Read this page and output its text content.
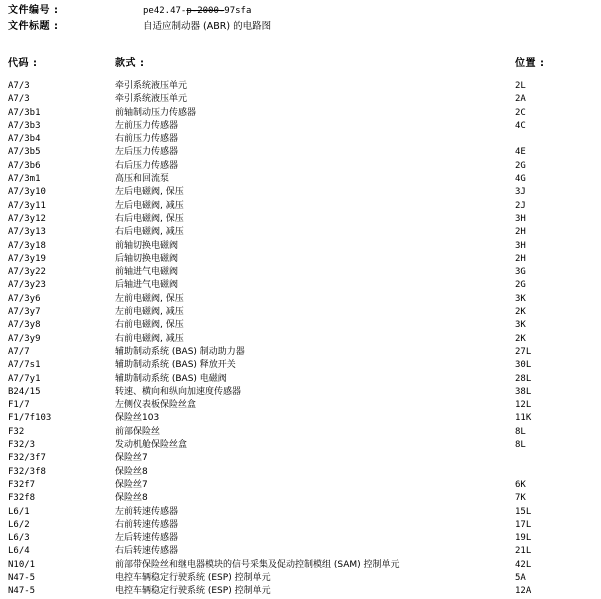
文件编号 :	pe42.47-p-2000-97sfa
文件标题 :	自适应制动器 (ABR) 的电路图
代码 :	款式 :	位置 :
A7/3	牵引系统液压单元	2L
A7/3	牵引系统液压单元	2A
A7/3b1	前轴制动压力传感器	2C
A7/3b3	左前压力传感器	4C
A7/3b4	右前压力传感器
A7/3b5	左后压力传感器	4E
A7/3b6	右后压力传感器	2G
A7/3m1	高压和回流泵	4G
A7/3y10	左后电磁阀, 保压	3J
A7/3y11	左后电磁阀, 减压	2J
A7/3y12	右后电磁阀, 保压	3H
A7/3y13	右后电磁阀, 减压	2H
A7/3y18	前轴切换电磁阀	3H
A7/3y19	后轴切换电磁阀	2H
A7/3y22	前轴进气电磁阀	3G
A7/3y23	后轴进气电磁阀	2G
A7/3y6	左前电磁阀, 保压	3K
A7/3y7	左前电磁阀, 减压	2K
A7/3y8	右前电磁阀, 保压	3K
A7/3y9	右前电磁阀, 减压	2K
A7/7	辅助制动系统 (BAS) 制动助力器	27L
A7/7s1	辅助制动系统 (BAS) 释放开关	30L
A7/7y1	辅助制动系统 (BAS) 电磁阀	28L
B24/15	转速、横向和纵向加速度传感器	38L
F1/7	左侧仪表板保险丝盒	12L
F1/7f103	保险丝103	11K
F32	前部保险丝	8L
F32/3	发动机舱保险丝盒	8L
F32/3f7	保险丝7
F32/3f8	保险丝8
F32f7	保险丝7	6K
F32f8	保险丝8	7K
L6/1	左前转速传感器	15L
L6/2	右前转速传感器	17L
L6/3	左后转速传感器	19L
L6/4	右后转速传感器	21L
N10/1	前部带保险丝和继电器模块的信号采集及促动控制模组 (SAM) 控制单元	42L
N47-5	电控车辆稳定行驶系统 (ESP) 控制单元	5A
N47-5	电控车辆稳定行驶系统 (ESP) 控制单元	12A
